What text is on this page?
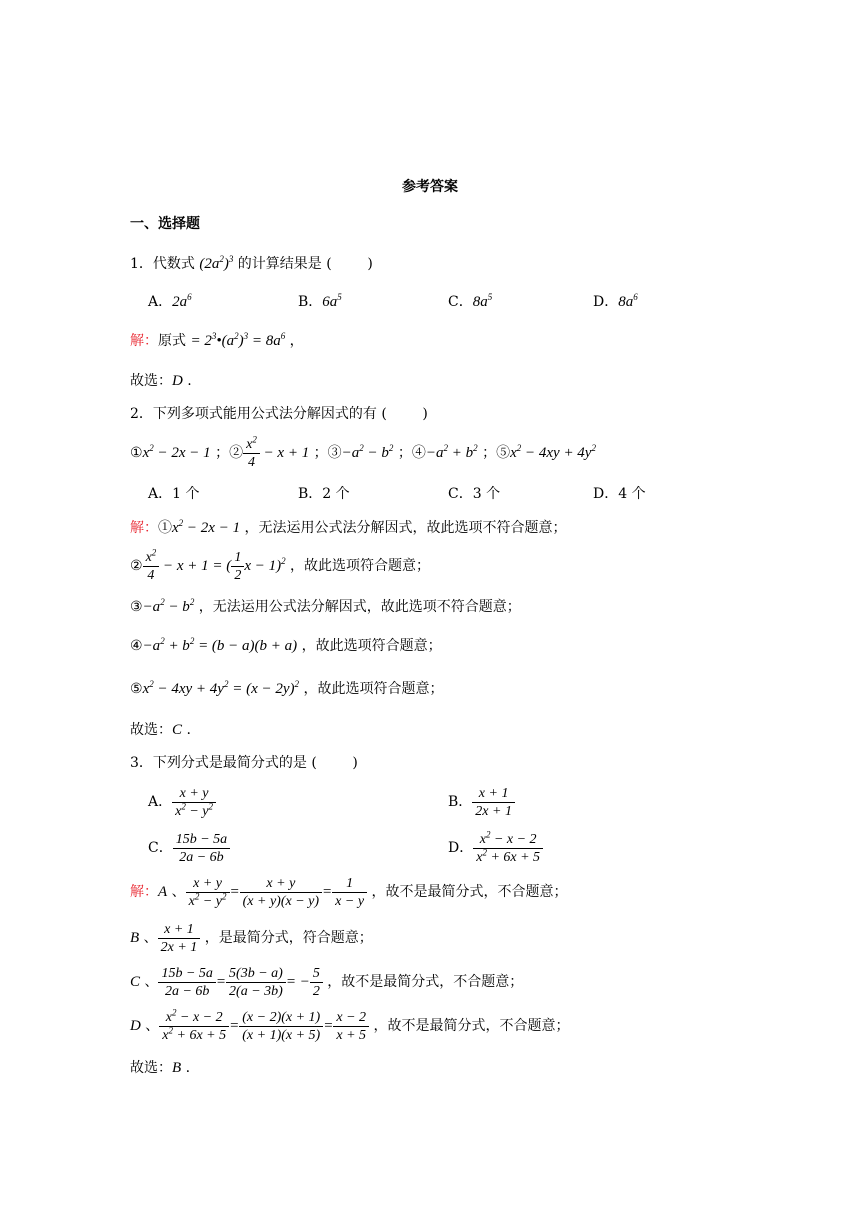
参考答案
一、选择题
1．代数式 $(2a^2)^3$ 的计算结果是 (        )
A．$2a^6$	B．$6a^5$	C．$8a^5$	D．$8a^6$
解：原式 = $2^3•(a^2)^3 = 8a^6$ ，
故选：D .
2．下列多项式能用公式法分解因式的有 (        )
$①x^2 - 2x - 1$ ；② $\frac{x^2}{4} - x + 1$ ；$③-a^2 - b^2$ ；$④-a^2 + b^2$ ；$⑤x^2 - 4xy + 4y^2$
A．1 个	B．2 个	C．3 个	D．4 个
解：$①x^2 - 2x - 1$ ，无法运用公式法分解因式，故此选项不符合题意；
② $\frac{x^2}{4} - x + 1$ = ( $\frac{1}{2}$ x − 1)$^2$ ，故此选项符合题意；
$③-a^2 - b^2$ ，无法运用公式法分解因式，故此选项不符合题意；
$④-a^2 + b^2 = (b - a)(b + a)$ ，故此选项符合题意；
$⑤x^2 - 4xy + 4y^2 = (x - 2y)^2$ ，故此选项符合题意；
故选：C .
3．下列分式是最简分式的是 (        )
A． $\frac{x + y}{x^2 - y^2}$	B． $\frac{x + 1}{2x + 1}$
C． $\frac{15b - 5a}{2a - 6b}$	D． $\frac{x^2 - x - 2}{x^2 + 6x + 5}$
解：A 、 $\frac{x + y}{x^2 - y^2} = \frac{x + y}{(x + y)(x - y)} = \frac{1}{x - y}$ ，故不是最简分式，不合题意；
B 、 $\frac{x + 1}{2x + 1}$ ，是最简分式，符合题意；
C 、 $\frac{15b - 5a}{2a - 6b} = \frac{5(3b - a)}{2(a - 3b)}$ = − $\frac{5}{2}$ ，故不是最简分式，不合题意；
D 、 $\frac{x^2 - x - 2}{x^2 + 6x + 5} = \frac{(x - 2)(x + 1)}{(x + 1)(x + 5)} = \frac{x - 2}{x + 5}$ ，故不是最简分式，不合题意；
故选：B .
